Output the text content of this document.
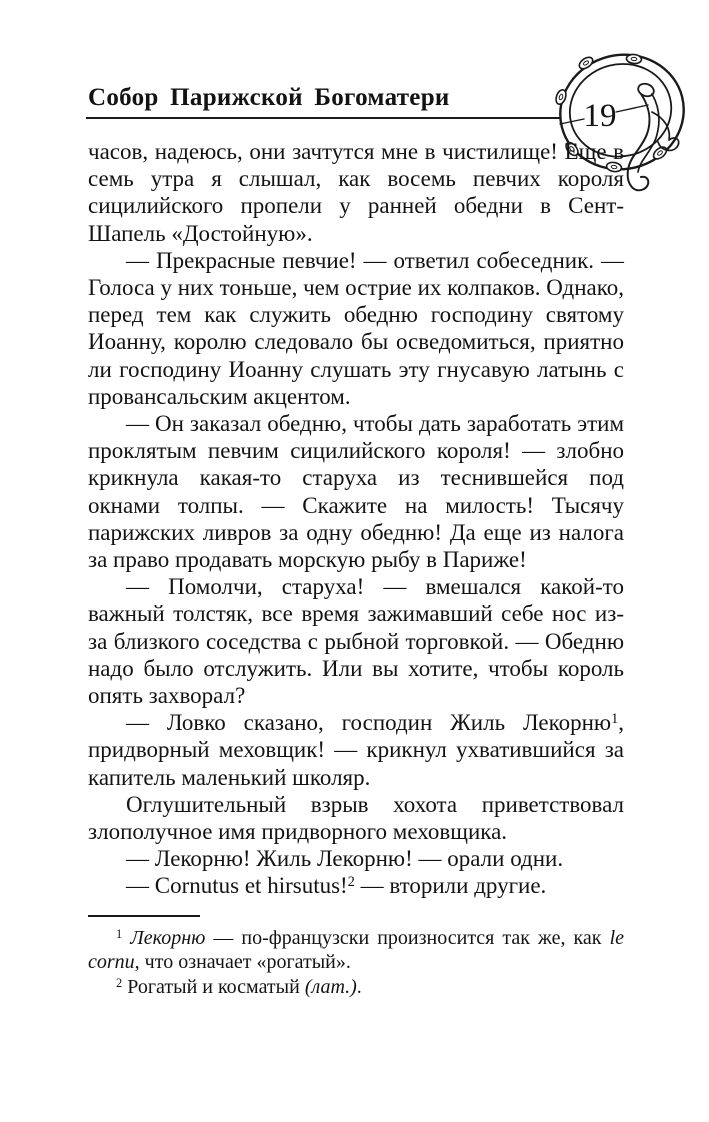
Собор Парижской Богоматери
19

часов, надеюсь, они зачтутся мне в чистилище! Еще в семь утра я слышал, как восемь певчих короля сицилийского пропели у ранней обедни в Сент-Шапель «Достойную».

— Прекрасные певчие! — ответил собеседник. — Голоса у них тоньше, чем острие их колпаков. Однако, перед тем как служить обедню господину святому Иоанну, королю следовало бы осведомиться, приятно ли господину Иоанну слушать эту гнусавую латынь с провансальским акцентом.

— Он заказал обедню, чтобы дать заработать этим проклятым певчим сицилийского короля! — злобно крикнула какая-то старуха из теснившейся под окнами толпы. — Скажите на милость! Тысячу парижских ливров за одну обедню! Да еще из налога за право продавать морскую рыбу в Париже!

— Помолчи, старуха! — вмешался какой-то важный толстяк, все время зажимавший себе нос из-за близкого соседства с рыбной торговкой. — Обедню надо было отслужить. Или вы хотите, чтобы король опять захворал?

— Ловко сказано, господин Жиль Лекорню$^1$, придворный меховщик! — крикнул ухватившийся за капитель маленький школяр.

Оглушительный взрыв хохота приветствовал злополучное имя придворного меховщика.

— Лекорню! Жиль Лекорню! — орали одни.

— Cornutus et hirsutus!$^2$ — вторили другие.

$^1$ Лекорню — по-французски произносится так же, как le cornu, что означает «рогатый».

$^2$ Рогатый и косматый (лат.).
